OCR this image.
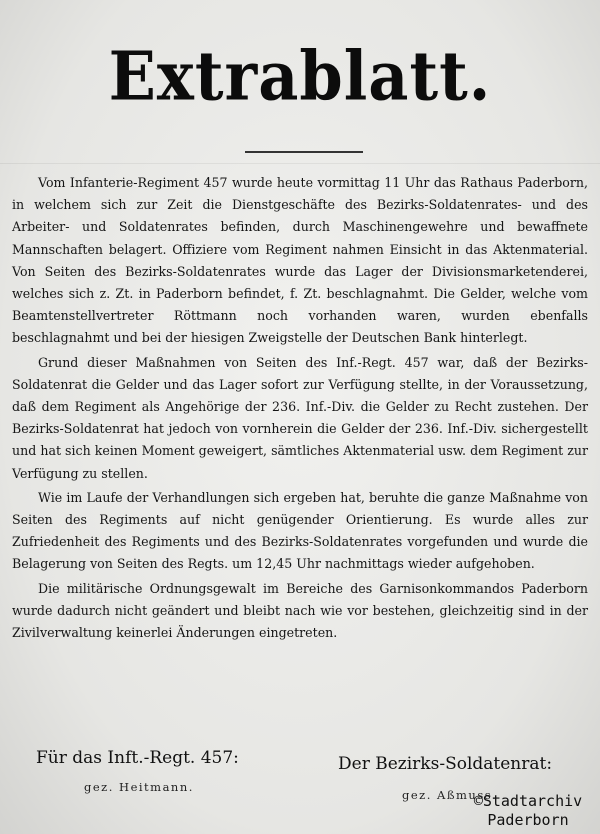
Extrablatt.

Vom Infanterie-Regiment 457 wurde heute vormittag 11 Uhr das Rathaus Paderborn, in welchem sich zur Zeit die Dienstgeschäfte des Bezirks-Soldatenrates- und des Arbeiter- und Soldatenrates befinden, durch Maschinengewehre und bewaffnete Mannschaften belagert. Offiziere vom Regiment nahmen Einsicht in das Aktenmaterial. Von Seiten des Bezirks-Soldatenrates wurde das Lager der Divisionsmarketenderei, welches sich z. Zt. in Paderborn befindet, f. Zt. beschlagnahmt. Die Gelder, welche vom Beamtenstellvertreter Röttmann noch vorhanden waren, wurden ebenfalls beschlagnahmt und bei der hiesigen Zweigstelle der Deutschen Bank hinterlegt.

Grund dieser Maßnahmen von Seiten des Inf.-Regt. 457 war, daß der Bezirks-Soldatenrat die Gelder und das Lager sofort zur Verfügung stellte, in der Voraussetzung, daß dem Regiment als Angehörige der 236. Inf.-Div. die Gelder zu Recht zustehen. Der Bezirks-Soldatenrat hat jedoch von vornherein die Gelder der 236. Inf.-Div. sichergestellt und hat sich keinen Moment geweigert, sämtliches Aktenmaterial usw. dem Regiment zur Verfügung zu stellen.

Wie im Laufe der Verhandlungen sich ergeben hat, beruhte die ganze Maßnahme von Seiten des Regiments auf nicht genügender Orientierung. Es wurde alles zur Zufriedenheit des Regiments und des Bezirks-Soldatenrates vorgefunden und wurde die Belagerung von Seiten des Regts. um 12,45 Uhr nachmittags wieder aufgehoben.

Die militärische Ordnungsgewalt im Bereiche des Garnisonkommandos Paderborn wurde dadurch nicht geändert und bleibt nach wie vor bestehen, gleichzeitig sind in der Zivilverwaltung keinerlei Änderungen eingetreten.

Für das Inft.-Regt. 457:
gez. Heitmann.
Der Bezirks-Soldatenrat:
gez. Aßmuss.
©Stadtarchiv
Paderborn
